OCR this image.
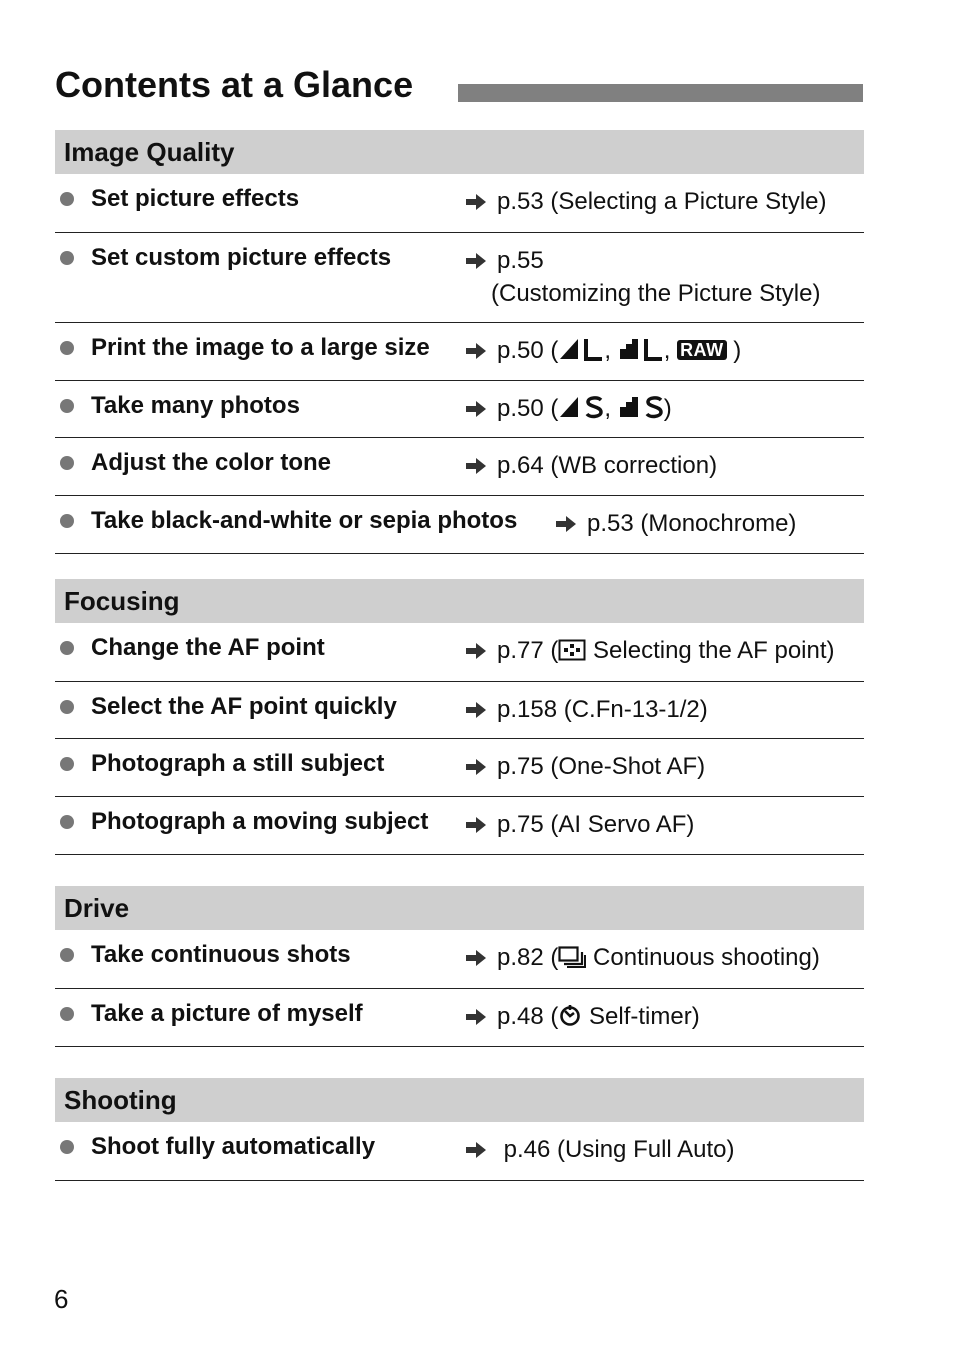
Contents at a Glance
Image Quality
Set picture effects	p.53 (Selecting a Picture Style)
Set custom picture effects	p.55
(Customizing the Picture Style)
Print the image to a large size	p.50 ( , , RAW )
Take many photos	p.50 ( , )
Adjust the color tone	p.64 (WB correction)
Take black-and-white or sepia photos	p.53 (Monochrome)
Focusing
Change the AF point	p.77 ( Selecting the AF point)
Select the AF point quickly	p.158 (C.Fn-13-1/2)
Photograph a still subject	p.75 (One-Shot AF)
Photograph a moving subject	p.75 (AI Servo AF)
Drive
Take continuous shots	p.82 ( Continuous shooting)
Take a picture of myself	p.48 ( Self-timer)
Shooting
Shoot fully automatically	p.46 (Using Full Auto)
6
